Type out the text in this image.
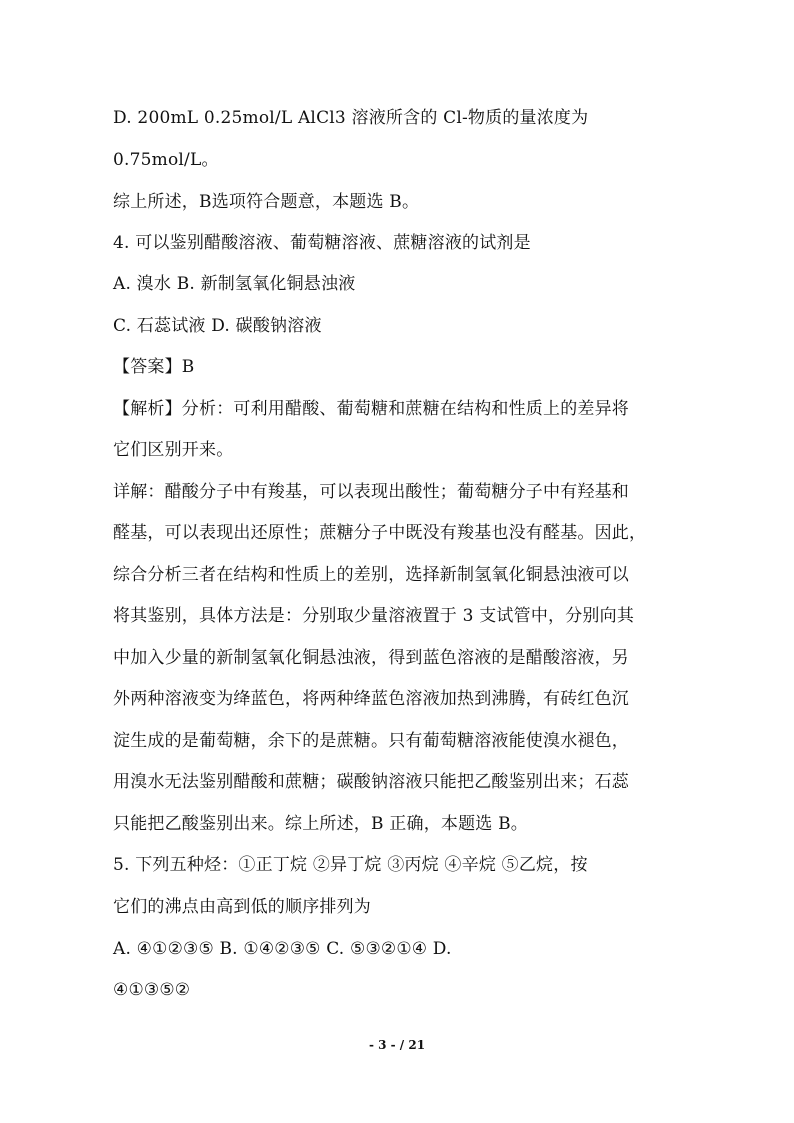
D. 200mL 0.25mol/L AlCl3 溶液所含的 Cl-物质的量浓度为
0.75mol/L。
综上所述，B选项符合题意，本题选 B。
4. 可以鉴别醋酸溶液、葡萄糖溶液、蔗糖溶液的试剂是
A. 溴水 B. 新制氢氧化铜悬浊液
C. 石蕊试液 D. 碳酸钠溶液
【答案】B
【解析】分析：可利用醋酸、葡萄糖和蔗糖在结构和性质上的差异将
它们区别开来。
详解：醋酸分子中有羧基，可以表现出酸性；葡萄糖分子中有羟基和
醛基，可以表现出还原性；蔗糖分子中既没有羧基也没有醛基。因此，
综合分析三者在结构和性质上的差别，选择新制氢氧化铜悬浊液可以
将其鉴别，具体方法是：分别取少量溶液置于 3 支试管中，分别向其
中加入少量的新制氢氧化铜悬浊液，得到蓝色溶液的是醋酸溶液，另
外两种溶液变为绛蓝色，将两种绛蓝色溶液加热到沸腾，有砖红色沉
淀生成的是葡萄糖，余下的是蔗糖。只有葡萄糖溶液能使溴水褪色，
用溴水无法鉴别醋酸和蔗糖；碳酸钠溶液只能把乙酸鉴别出来；石蕊
只能把乙酸鉴别出来。综上所述，B 正确，本题选 B。
5. 下列五种烃：①正丁烷 ②异丁烷 ③丙烷 ④辛烷 ⑤乙烷，按
它们的沸点由高到低的顺序排列为
A. ④①②③⑤ B. ①④②③⑤ C. ⑤③②①④ D.
④①③⑤②
- 3 - / 21
